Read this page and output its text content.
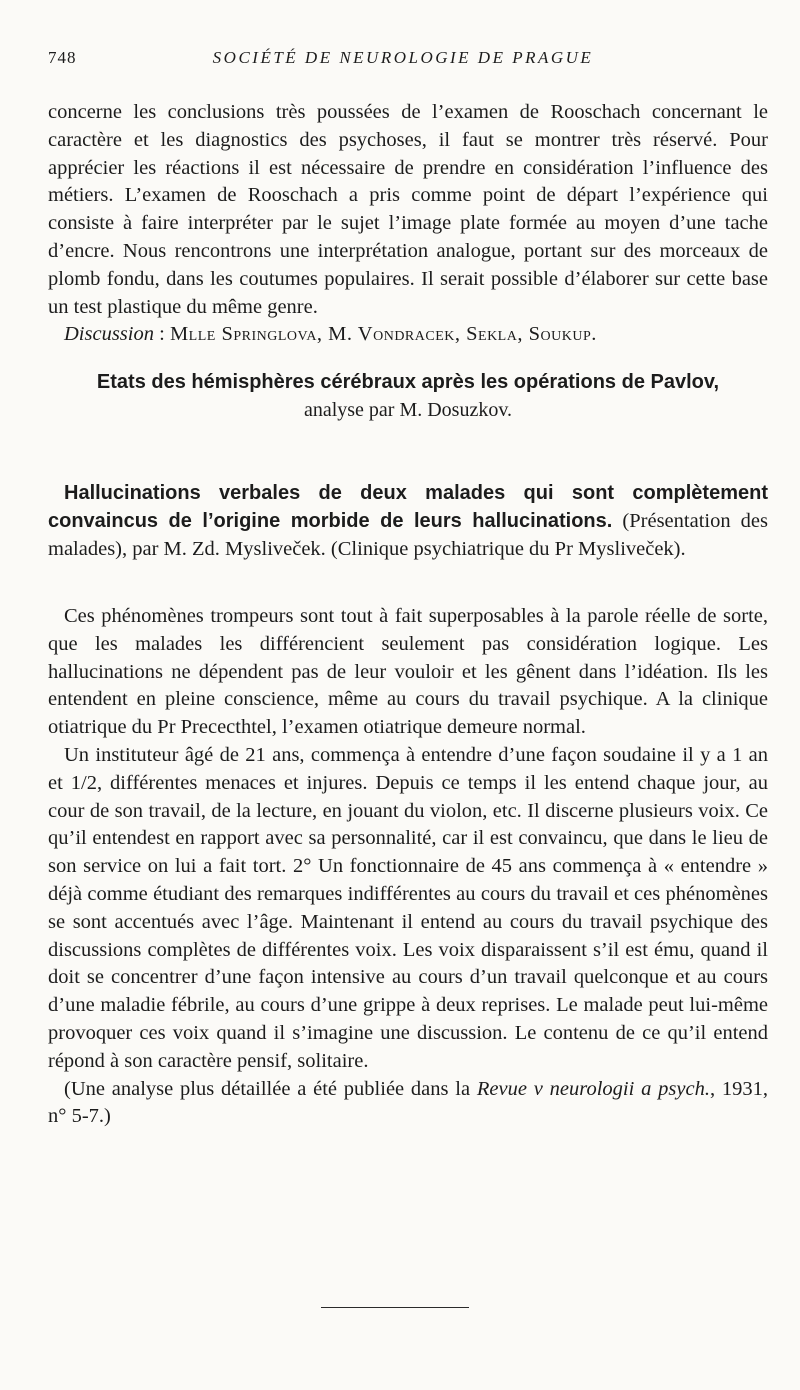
748	SOCIÉTÉ DE NEUROLOGIE DE PRAGUE

concerne les conclusions très poussées de l’examen de Rooschach concernant le caractère et les diagnostics des psychoses, il faut se montrer très réservé. Pour apprécier les réactions il est nécessaire de prendre en considération l’influence des métiers. L’examen de Rooschach a pris comme point de départ l’expérience qui consiste à faire interpréter par le sujet l’image plate formée au moyen d’une tache d’encre. Nous rencontrons une interprétation analogue, portant sur des morceaux de plomb fondu, dans les coutumes populaires. Il serait possible d’élaborer sur cette base un test plastique du même genre.

Discussion : Mlle Springlova, M. Vondracek, Sekla, Soukup.

Etats des hémisphères cérébraux après les opérations de Pavlov,
analyse par M. Dosuzkov.
Hallucinations verbales de deux malades qui sont complètement convaincus de l’origine morbide de leurs hallucinations. (Présentation des malades), par M. Zd. Mysliveček. (Clinique psychiatrique du Pr Mysliveček).

Ces phénomènes trompeurs sont tout à fait superposables à la parole réelle de sorte, que les malades les différencient seulement pas considération logique. Les hallucinations ne dépendent pas de leur vouloir et les gênent dans l’idéation. Ils les entendent en pleine conscience, même au cours du travail psychique. A la clinique otiatrique du Pr Prececthtel, l’examen otiatrique demeure normal.

Un instituteur âgé de 21 ans, commença à entendre d’une façon soudaine il y a 1 an et 1/2, différentes menaces et injures. Depuis ce temps il les entend chaque jour, au cour de son travail, de la lecture, en jouant du violon, etc. Il discerne plusieurs voix. Ce qu’il entendest en rapport avec sa personnalité, car il est convaincu, que dans le lieu de son service on lui a fait tort. 2° Un fonctionnaire de 45 ans commença à « entendre » déjà comme étudiant des remarques indifférentes au cours du travail et ces phénomènes se sont accentués avec l’âge. Maintenant il entend au cours du travail psychique des discussions complètes de différentes voix. Les voix disparaissent s’il est ému, quand il doit se concentrer d’une façon intensive au cours d’un travail quelconque et au cours d’une maladie fébrile, au cours d’une grippe à deux reprises. Le malade peut lui-même provoquer ces voix quand il s’imagine une discussion. Le contenu de ce qu’il entend répond à son caractère pensif, solitaire.

(Une analyse plus détaillée a été publiée dans la Revue v neurologii a psych., 1931, n° 5-7.)
